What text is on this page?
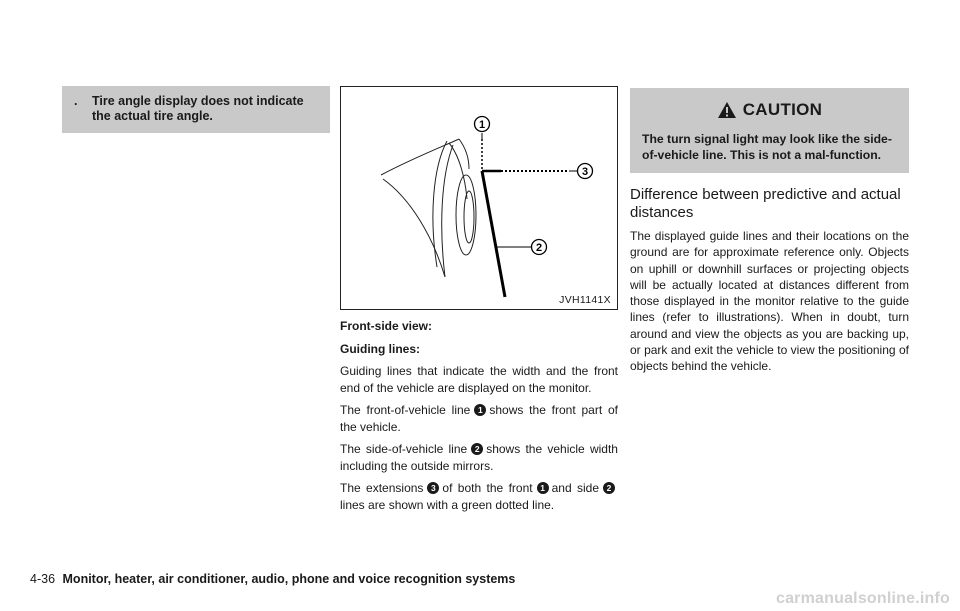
.	Tire angle display does not indicate the actual tire angle.
1
3
2
JVH1141X

Front-side view:

Guiding lines:

Guiding lines that indicate the width and the front end of the vehicle are displayed on the monitor.

The front-of-vehicle line 1 shows the front part of the vehicle.

The side-of-vehicle line 2 shows the vehicle width including the outside mirrors.

The extensions 3 of both the front 1 and side 2lines are shown with a green dotted line.

CAUTION
The turn signal light may look like the side-of-vehicle line. This is not a mal-function.
Difference between predictive and actual distances
The displayed guide lines and their locations on the ground are for approximate reference only. Objects on uphill or downhill surfaces or projecting objects will be actually located at distances different from those displayed in the monitor relative to the guide lines (refer to illustrations). When in doubt, turn around and view the objects as you are backing up, or park and exit the vehicle to view the positioning of objects behind the vehicle.
4-36 Monitor, heater, air conditioner, audio, phone and voice recognition systems
carmanualsonline.info
